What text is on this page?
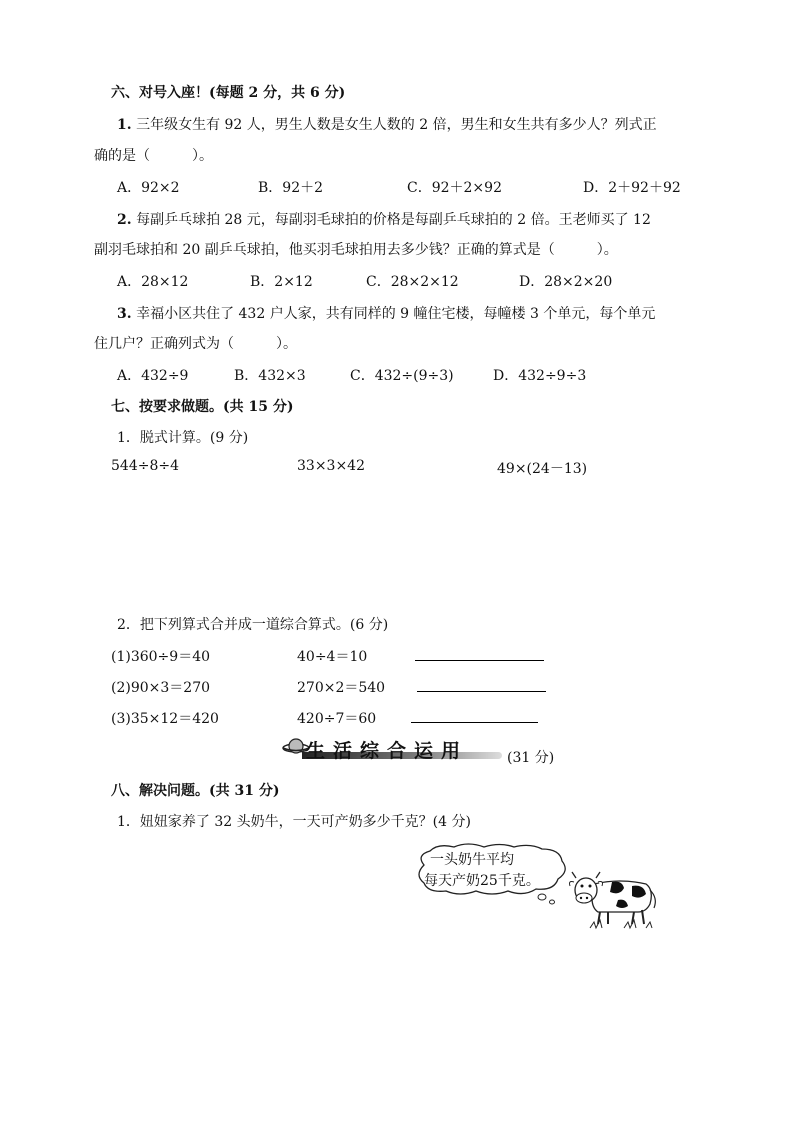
六、对号入座！(每题 2 分，共 6 分)
1. 三年级女生有 92 人，男生人数是女生人数的 2 倍，男生和女生共有多少人？列式正
确的是（　　　）。
A．92×2	B．92＋2	C．92＋2×92	D．2＋92＋92
2. 每副乒乓球拍 28 元，每副羽毛球拍的价格是每副乒乓球拍的 2 倍。王老师买了 12
副羽毛球拍和 20 副乒乓球拍，他买羽毛球拍用去多少钱？正确的算式是（　　　）。
A．28×12	B．2×12	C．28×2×12	D．28×2×20
3. 幸福小区共住了 432 户人家，共有同样的 9 幢住宅楼，每幢楼 3 个单元，每个单元
住几户？正确列式为（　　　）。
A．432÷9	B．432×3	C．432÷(9÷3)	D．432÷9÷3
七、按要求做题。(共 15 分)
1．脱式计算。(9 分)
544÷8÷4	33×3×42	49×(24－13)
2．把下列算式合并成一道综合算式。(6 分)
(1)360÷9＝40	40÷4＝10
(2)90×3＝270	270×2＝540
(3)35×12＝420	420÷7＝60
生活综合运用	(31 分)
八、解决问题。(共 31 分)
1．妞妞家养了 32 头奶牛，一天可产奶多少千克？(4 分)
一头奶牛平均
每天产奶25千克。
